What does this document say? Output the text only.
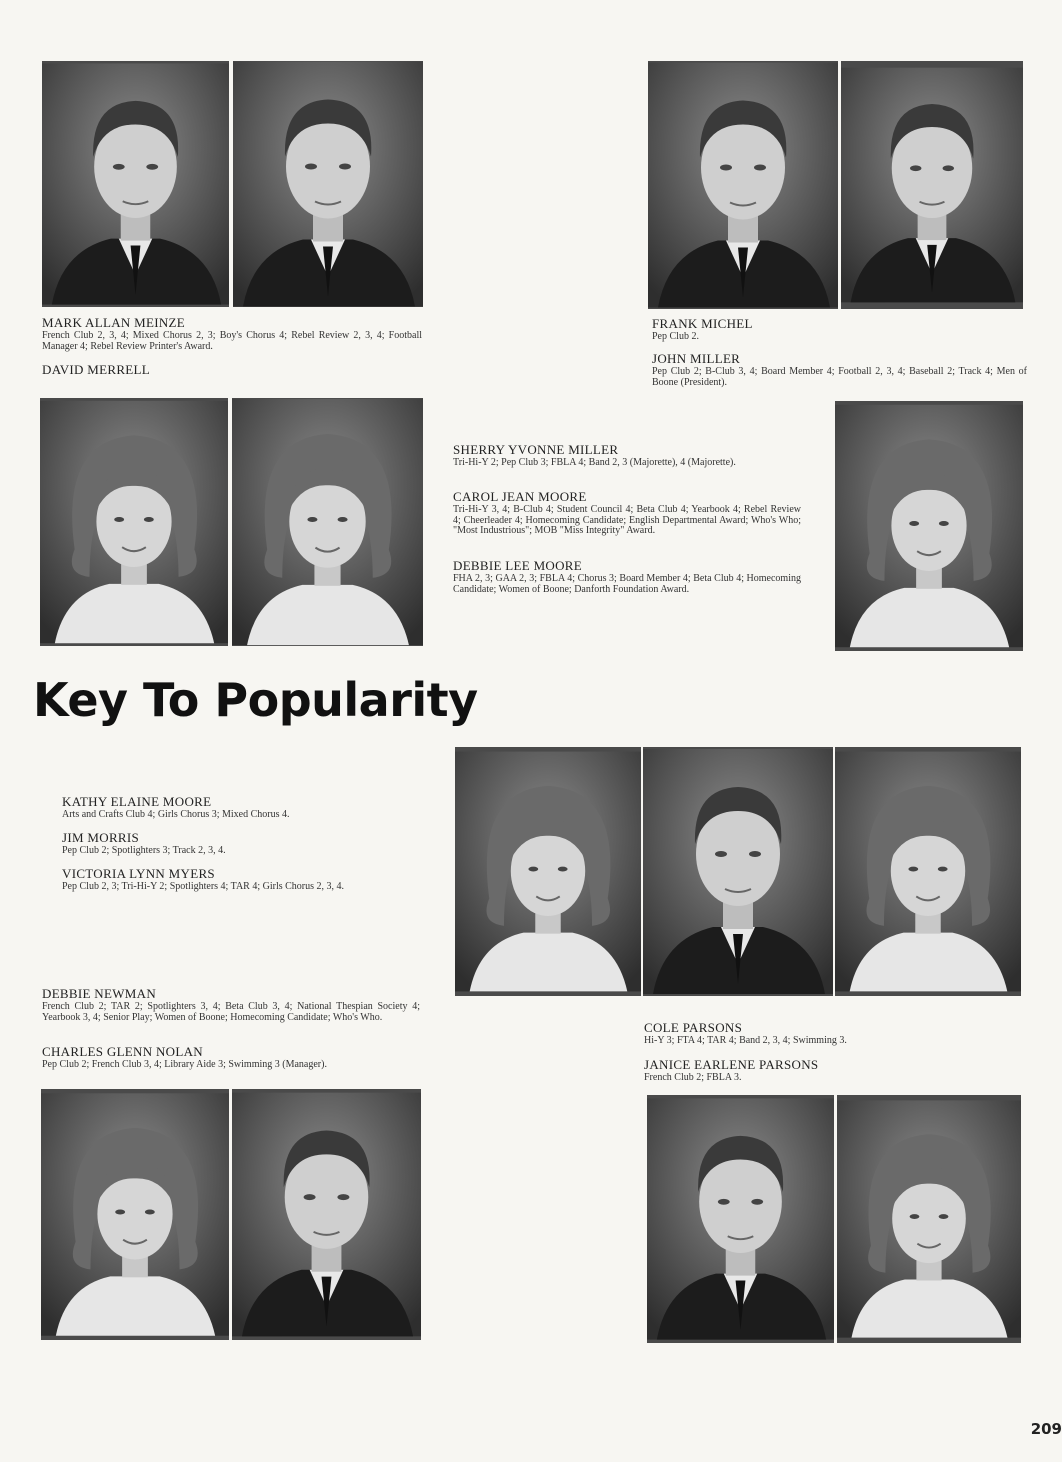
MARK ALLAN MEINZE
French Club 2, 3, 4; Mixed Chorus 2, 3; Boy's Chorus 4; Rebel Review 2, 3, 4; Football Manager 4; Rebel Review Printer's Award.
DAVID MERRELL
FRANK MICHEL
Pep Club 2.
JOHN MILLER
Pep Club 2; B-Club 3, 4; Board Member 4; Football 2, 3, 4; Baseball 2; Track 4; Men of Boone (President).
SHERRY YVONNE MILLER
Tri-Hi-Y 2; Pep Club 3; FBLA 4; Band 2, 3 (Majorette), 4 (Majorette).
CAROL JEAN MOORE
Tri-Hi-Y 3, 4; B-Club 4; Student Council 4; Beta Club 4; Yearbook 4; Rebel Review 4; Cheerleader 4; Homecoming Candidate; English Departmental Award; Who's Who; "Most Industrious"; MOB "Miss Integrity" Award.
DEBBIE LEE MOORE
FHA 2, 3; GAA 2, 3; FBLA 4; Chorus 3; Board Member 4; Beta Club 4; Homecoming Candidate; Women of Boone; Danforth Foundation Award.
Key To Popularity
KATHY ELAINE MOORE
Arts and Crafts Club 4; Girls Chorus 3; Mixed Chorus 4.
JIM MORRIS
Pep Club 2; Spotlighters 3; Track 2, 3, 4.
VICTORIA LYNN MYERS
Pep Club 2, 3; Tri-Hi-Y 2; Spotlighters 4; TAR 4; Girls Chorus 2, 3, 4.
DEBBIE NEWMAN
French Club 2; TAR 2; Spotlighters 3, 4; Beta Club 3, 4; National Thespian Society 4; Yearbook 3, 4; Senior Play; Women of Boone; Homecoming Candidate; Who's Who.
CHARLES GLENN NOLAN
Pep Club 2; French Club 3, 4; Library Aide 3; Swimming 3 (Manager).
COLE PARSONS
Hi-Y 3; FTA 4; TAR 4; Band 2, 3, 4; Swimming 3.
JANICE EARLENE PARSONS
French Club 2; FBLA 3.
209
